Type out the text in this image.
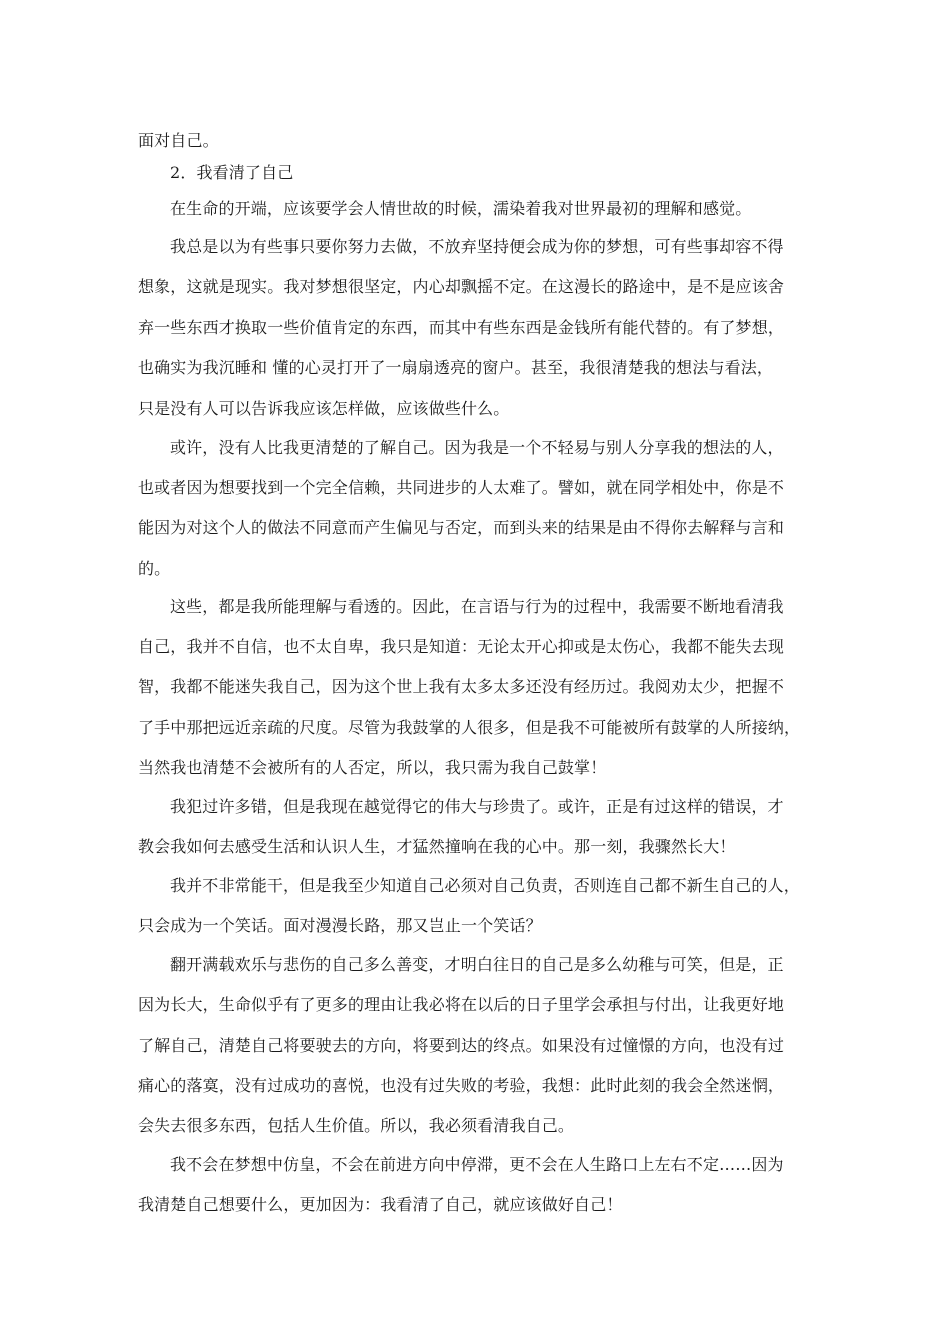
面对自己。
2．我看清了自己
在生命的开端，应该要学会人情世故的时候，濡染着我对世界最初的理解和感觉。
我总是以为有些事只要你努力去做，不放弃坚持便会成为你的梦想，可有些事却容不得
想象，这就是现实。我对梦想很坚定，内心却飘摇不定。在这漫长的路途中，是不是应该舍
弃一些东西才换取一些价值肯定的东西，而其中有些东西是金钱所有能代替的。有了梦想，
也确实为我沉睡和 懂的心灵打开了一扇扇透亮的窗户。甚至，我很清楚我的想法与看法，
只是没有人可以告诉我应该怎样做，应该做些什么。
或许，没有人比我更清楚的了解自己。因为我是一个不轻易与别人分享我的想法的人，
也或者因为想要找到一个完全信赖，共同进步的人太难了。譬如，就在同学相处中，你是不
能因为对这个人的做法不同意而产生偏见与否定，而到头来的结果是由不得你去解释与言和
的。
这些，都是我所能理解与看透的。因此，在言语与行为的过程中，我需要不断地看清我
自己，我并不自信，也不太自卑，我只是知道：无论太开心抑或是太伤心，我都不能失去现
智，我都不能迷失我自己，因为这个世上我有太多太多还没有经历过。我阅劝太少，把握不
了手中那把远近亲疏的尺度。尽管为我鼓掌的人很多，但是我不可能被所有鼓掌的人所接纳，
当然我也清楚不会被所有的人否定，所以，我只需为我自己鼓掌！
我犯过许多错，但是我现在越觉得它的伟大与珍贵了。或许，正是有过这样的错误，才
教会我如何去感受生活和认识人生，才猛然撞响在我的心中。那一刻，我骤然长大！
我并不非常能干，但是我至少知道自己必须对自己负责，否则连自己都不新生自己的人，
只会成为一个笑话。面对漫漫长路，那又岂止一个笑话？
翻开满载欢乐与悲伤的自己多么善变，才明白往日的自己是多么幼稚与可笑，但是，正
因为长大，生命似乎有了更多的理由让我必将在以后的日子里学会承担与付出，让我更好地
了解自己，清楚自己将要驶去的方向，将要到达的终点。如果没有过憧憬的方向，也没有过
痛心的落寞，没有过成功的喜悦，也没有过失败的考验，我想：此时此刻的我会全然迷惘，
会失去很多东西，包括人生价值。所以，我必须看清我自己。
我不会在梦想中仿皇，不会在前进方向中停滞，更不会在人生路口上左右不定……因为
我清楚自己想要什么，更加因为：我看清了自己，就应该做好自己！
